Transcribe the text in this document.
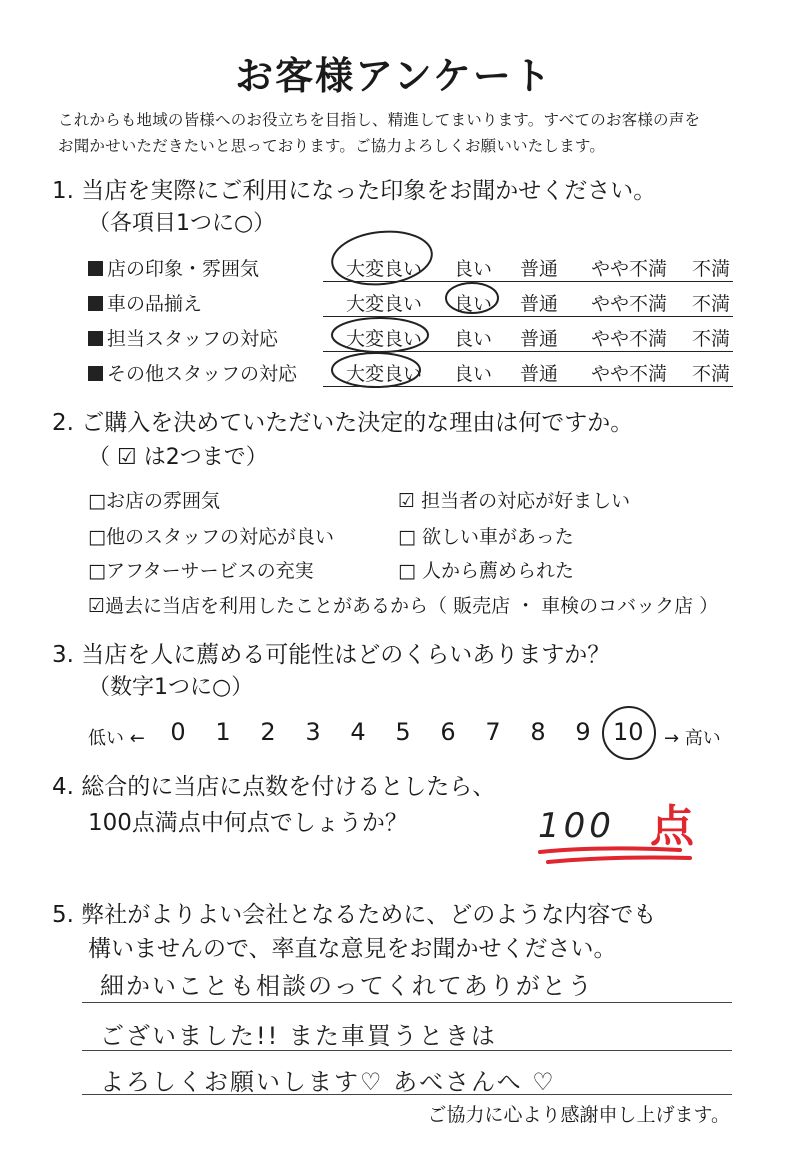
お客様アンケート
これからも地域の皆様へのお役立ちを目指し、精進してまいります。すべてのお客様の声を
お聞かせいただきたいと思っております。ご協力よろしくお願いいたします。
1. 当店を実際にご利用になった印象をお聞かせください。
（各項目1つに○）
店の印象・雰囲気	大変良い 良い 普通	やや不満	不満
車の品揃え	大変良い 良い 普通	やや不満	不満
担当スタッフの対応	大変良い 良い 普通	やや不満	不満
その他スタッフの対応	大変良い 良い 普通	やや不満	不満
2. ご購入を決めていただいた決定的な理由は何ですか。
（ ☑ は2つまで）
□お店の雰囲気	☑ 担当者の対応が好ましい
□他のスタッフの対応が良い	□ 欲しい車があった
□アフターサービスの充実	□ 人から薦められた
☑過去に当店を利用したことがあるから（ 販売店 ・ 車検のコバック店 ）
3. 当店を人に薦める可能性はどのくらいありますか？
（数字1つに○）
低い ←	→ 高い
0	1	2	3	4	5	6	7	8	9 10
4. 総合的に当店に点数を付けるとしたら、
100点満点中何点でしょうか？	100 点
5. 弊社がよりよい会社となるために、どのような内容でも
構いませんので、率直な意見をお聞かせください。
細かいことも相談のってくれてありがとう
ございました!! また車買うときは
よろしくお願いします♡ あべさんへ ♡
ご協力に心より感謝申し上げます。
